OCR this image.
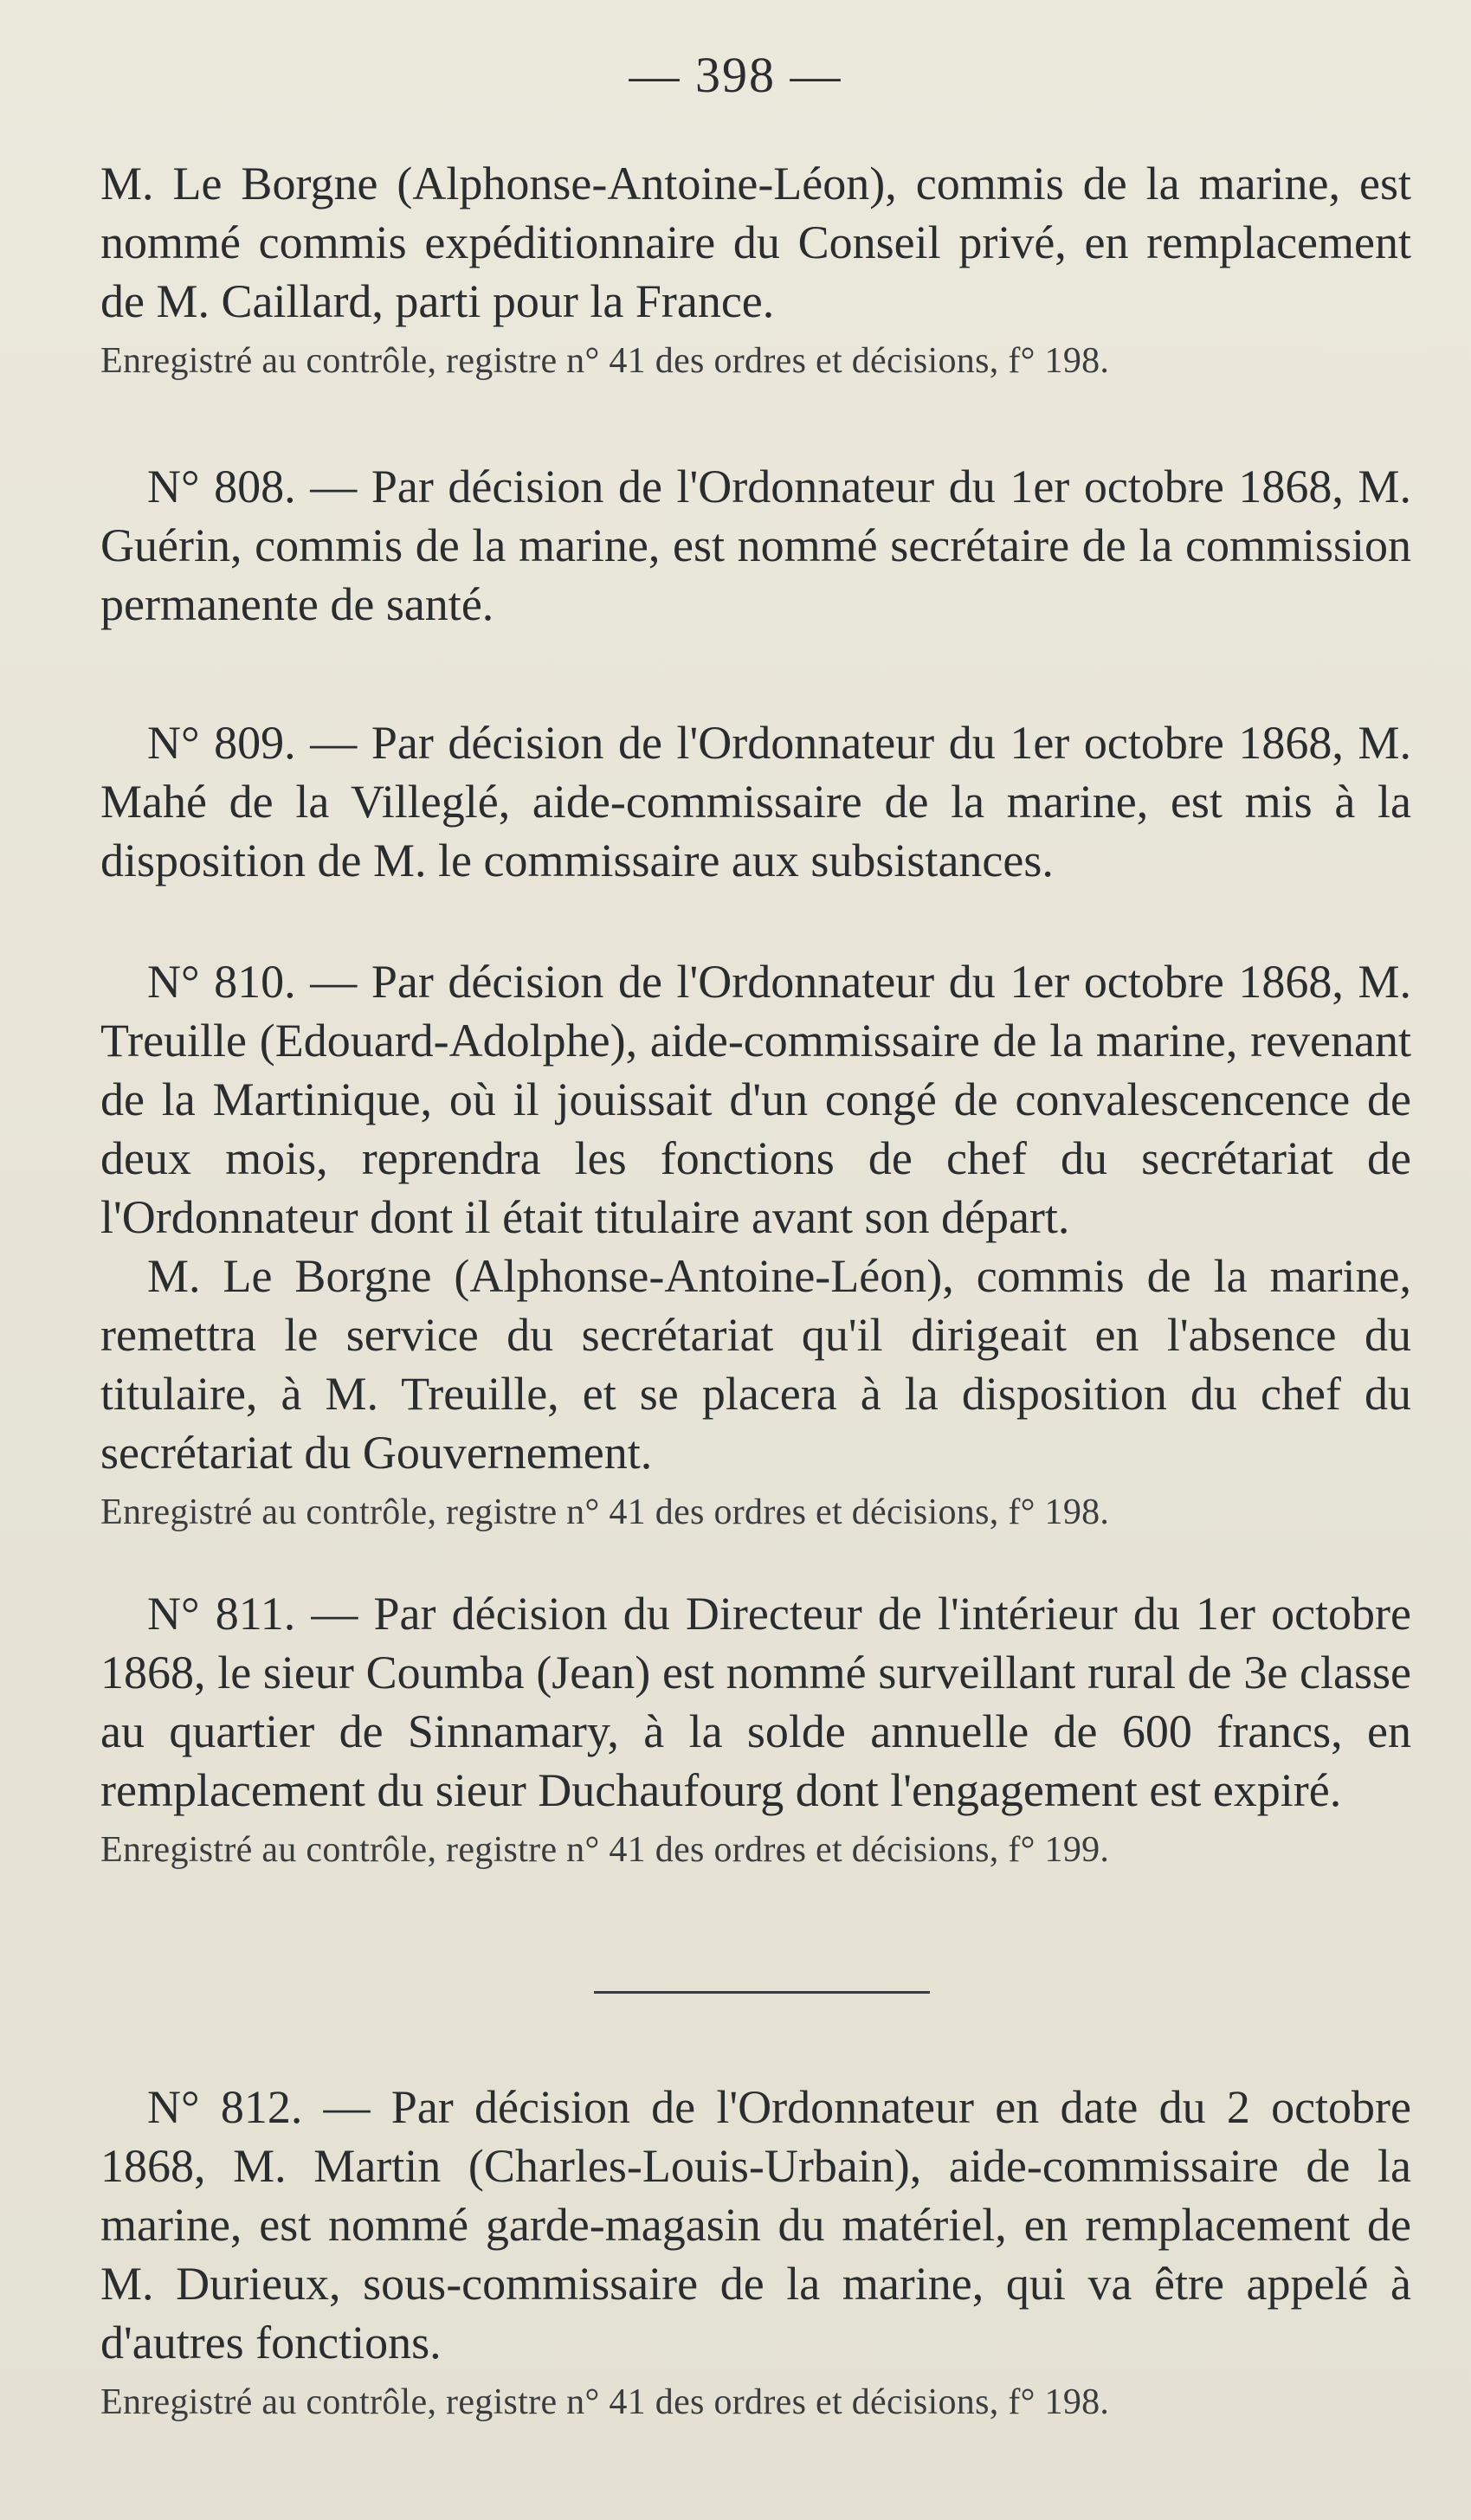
— 398 —

M. Le Borgne (Alphonse-Antoine-Léon), commis de la marine, est nommé commis expéditionnaire du Conseil privé, en remplacement de M. Caillard, parti pour la France.

Enregistré au contrôle, registre n° 41 des ordres et décisions, f° 198.

N° 808. — Par décision de l'Ordonnateur du 1er octobre 1868, M. Guérin, commis de la marine, est nommé secrétaire de la commission permanente de santé.

N° 809. — Par décision de l'Ordonnateur du 1er octobre 1868, M. Mahé de la Villeglé, aide-commissaire de la marine, est mis à la disposition de M. le commissaire aux subsistances.

N° 810. — Par décision de l'Ordonnateur du 1er octobre 1868, M. Treuille (Edouard-Adolphe), aide-commissaire de la marine, revenant de la Martinique, où il jouissait d'un congé de convalescencence de deux mois, reprendra les fonctions de chef du secrétariat de l'Ordonnateur dont il était titulaire avant son départ.

M. Le Borgne (Alphonse-Antoine-Léon), commis de la marine, remettra le service du secrétariat qu'il dirigeait en l'absence du titulaire, à M. Treuille, et se placera à la disposition du chef du secrétariat du Gouvernement.

Enregistré au contrôle, registre n° 41 des ordres et décisions, f° 198.

N° 811. — Par décision du Directeur de l'intérieur du 1er octobre 1868, le sieur Coumba (Jean) est nommé surveillant rural de 3e classe au quartier de Sinnamary, à la solde annuelle de 600 francs, en remplacement du sieur Duchaufourg dont l'engagement est expiré.

Enregistré au contrôle, registre n° 41 des ordres et décisions, f° 199.

N° 812. — Par décision de l'Ordonnateur en date du 2 octobre 1868, M. Martin (Charles-Louis-Urbain), aide-commissaire de la marine, est nommé garde-magasin du matériel, en remplacement de M. Durieux, sous-commissaire de la marine, qui va être appelé à d'autres fonctions.

Enregistré au contrôle, registre n° 41 des ordres et décisions, f° 198.
